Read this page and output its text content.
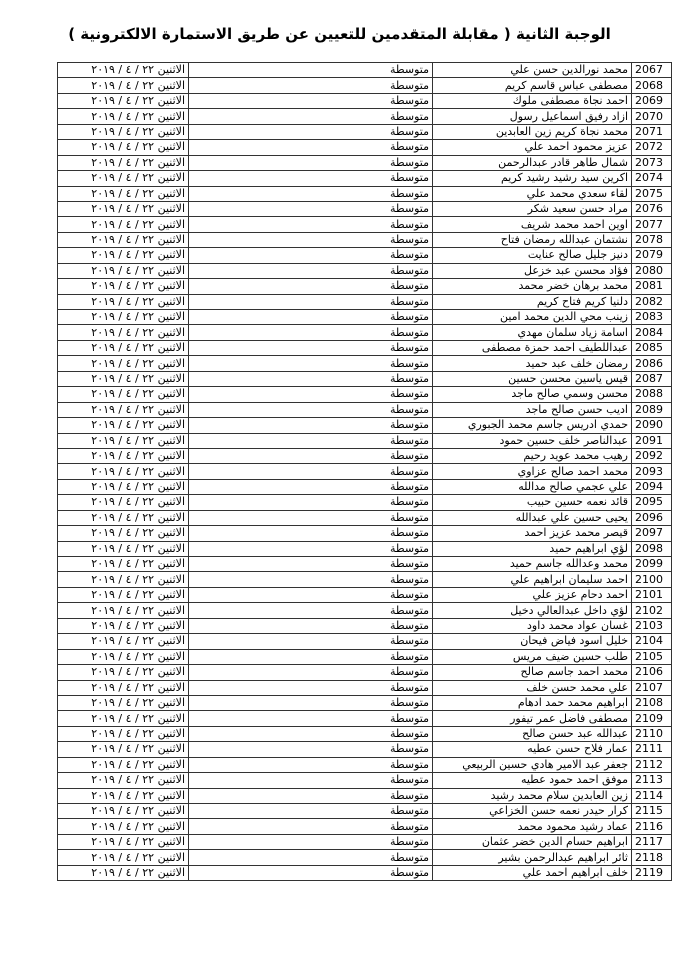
الوجبة الثانية ( مقابلة المتقدمين للتعيين عن طريق الاستمارة الالكترونية )
الاثنين ٢٢ / ٤ / ٢٠١٩	متوسطة	محمد نورالدين حسن علي	2067
الاثنين ٢٢ / ٤ / ٢٠١٩	متوسطة	مصطفى عباس قاسم كريم	2068
الاثنين ٢٢ / ٤ / ٢٠١٩	متوسطة	احمد نجاة مصطفى ملوك	2069
الاثنين ٢٢ / ٤ / ٢٠١٩	متوسطة	ازاد رفيق اسماعيل رسول	2070
الاثنين ٢٢ / ٤ / ٢٠١٩	متوسطة	محمد نجاة كريم زين العابدين	2071
الاثنين ٢٢ / ٤ / ٢٠١٩	متوسطة	عزيز محمود احمد علي	2072
الاثنين ٢٢ / ٤ / ٢٠١٩	متوسطة	شمال طاهر قادر عبدالرحمن	2073
الاثنين ٢٢ / ٤ / ٢٠١٩	متوسطة	اكرين سيد رشيد رشيد كريم	2074
الاثنين ٢٢ / ٤ / ٢٠١٩	متوسطة	لقاء سعدي محمد علي	2075
الاثنين ٢٢ / ٤ / ٢٠١٩	متوسطة	مراد حسن سعيد شكر	2076
الاثنين ٢٢ / ٤ / ٢٠١٩	متوسطة	اوين احمد محمد شريف	2077
الاثنين ٢٢ / ٤ / ٢٠١٩	متوسطة	نشتمان عبدالله رمضان فتاح	2078
الاثنين ٢٢ / ٤ / ٢٠١٩	متوسطة	دنيز جليل صالح عنايت	2079
الاثنين ٢٢ / ٤ / ٢٠١٩	متوسطة	فؤاد محسن عبد خزعل	2080
الاثنين ٢٢ / ٤ / ٢٠١٩	متوسطة	محمد برهان خضر محمد	2081
الاثنين ٢٢ / ٤ / ٢٠١٩	متوسطة	دلنيا كريم فتاح كريم	2082
الاثنين ٢٢ / ٤ / ٢٠١٩	متوسطة	زينب محي الدين محمد امين	2083
الاثنين ٢٢ / ٤ / ٢٠١٩	متوسطة	اسامة زياد سلمان مهدي	2084
الاثنين ٢٢ / ٤ / ٢٠١٩	متوسطة	عبداللطيف احمد حمزة مصطفى	2085
الاثنين ٢٢ / ٤ / ٢٠١٩	متوسطة	رمضان خلف عبد حميد	2086
الاثنين ٢٢ / ٤ / ٢٠١٩	متوسطة	قيس ياسين محسن حسين	2087
الاثنين ٢٢ / ٤ / ٢٠١٩	متوسطة	محسن وسمي صالح ماجد	2088
الاثنين ٢٢ / ٤ / ٢٠١٩	متوسطة	اديب حسن صالح ماجد	2089
الاثنين ٢٢ / ٤ / ٢٠١٩	متوسطة	حمدي ادريس جاسم محمد الجبوري	2090
الاثنين ٢٢ / ٤ / ٢٠١٩	متوسطة	عبدالناصر خلف حسين حمود	2091
الاثنين ٢٢ / ٤ / ٢٠١٩	متوسطة	رهيب محمد عويد رحيم	2092
الاثنين ٢٢ / ٤ / ٢٠١٩	متوسطة	محمد احمد صالح عزاوي	2093
الاثنين ٢٢ / ٤ / ٢٠١٩	متوسطة	علي عجمي صالح مدالله	2094
الاثنين ٢٢ / ٤ / ٢٠١٩	متوسطة	قائد نعمه حسين حبيب	2095
الاثنين ٢٢ / ٤ / ٢٠١٩	متوسطة	يحيى حسين علي عبدالله	2096
الاثنين ٢٢ / ٤ / ٢٠١٩	متوسطة	قيصر محمد عزيز احمد	2097
الاثنين ٢٢ / ٤ / ٢٠١٩	متوسطة	لؤي ابراهيم حميد	2098
الاثنين ٢٢ / ٤ / ٢٠١٩	متوسطة	محمد وعدالله جاسم حميد	2099
الاثنين ٢٢ / ٤ / ٢٠١٩	متوسطة	احمد سليمان ابراهيم علي	2100
الاثنين ٢٢ / ٤ / ٢٠١٩	متوسطة	احمد دحام عزيز علي	2101
الاثنين ٢٢ / ٤ / ٢٠١٩	متوسطة	لؤي داخل عبدالعالي دخيل	2102
الاثنين ٢٢ / ٤ / ٢٠١٩	متوسطة	غسان عواد محمد داود	2103
الاثنين ٢٢ / ٤ / ٢٠١٩	متوسطة	خليل اسود فياض فيحان	2104
الاثنين ٢٢ / ٤ / ٢٠١٩	متوسطة	طلب حسين ضيف مريس	2105
الاثنين ٢٢ / ٤ / ٢٠١٩	متوسطة	محمد احمد جاسم صالح	2106
الاثنين ٢٢ / ٤ / ٢٠١٩	متوسطة	علي محمد حسن خلف	2107
الاثنين ٢٢ / ٤ / ٢٠١٩	متوسطة	ابراهيم محمد حمد ادهام	2108
الاثنين ٢٢ / ٤ / ٢٠١٩	متوسطة	مصطفى فاضل عمر تيفور	2109
الاثنين ٢٢ / ٤ / ٢٠١٩	متوسطة	عبدالله عبد حسن صالح	2110
الاثنين ٢٢ / ٤ / ٢٠١٩	متوسطة	عمار فلاح حسن عطيه	2111
الاثنين ٢٢ / ٤ / ٢٠١٩	متوسطة	جعفر عبد الامير هادي حسين الربيعي	2112
الاثنين ٢٢ / ٤ / ٢٠١٩	متوسطة	موفق احمد حمود عطيه	2113
الاثنين ٢٢ / ٤ / ٢٠١٩	متوسطة	زين العابدين سلام محمد رشيد	2114
الاثنين ٢٢ / ٤ / ٢٠١٩	متوسطة	كرار حيدر نعمه حسن الخزاعي	2115
الاثنين ٢٢ / ٤ / ٢٠١٩	متوسطة	عماد رشيد محمود محمد	2116
الاثنين ٢٢ / ٤ / ٢٠١٩	متوسطة	ابراهيم حسام الدين خضر عثمان	2117
الاثنين ٢٢ / ٤ / ٢٠١٩	متوسطة	ثائر ابراهيم عبدالرحمن بشير	2118
الاثنين ٢٢ / ٤ / ٢٠١٩	متوسطة	خلف ابراهيم احمد علي	2119
